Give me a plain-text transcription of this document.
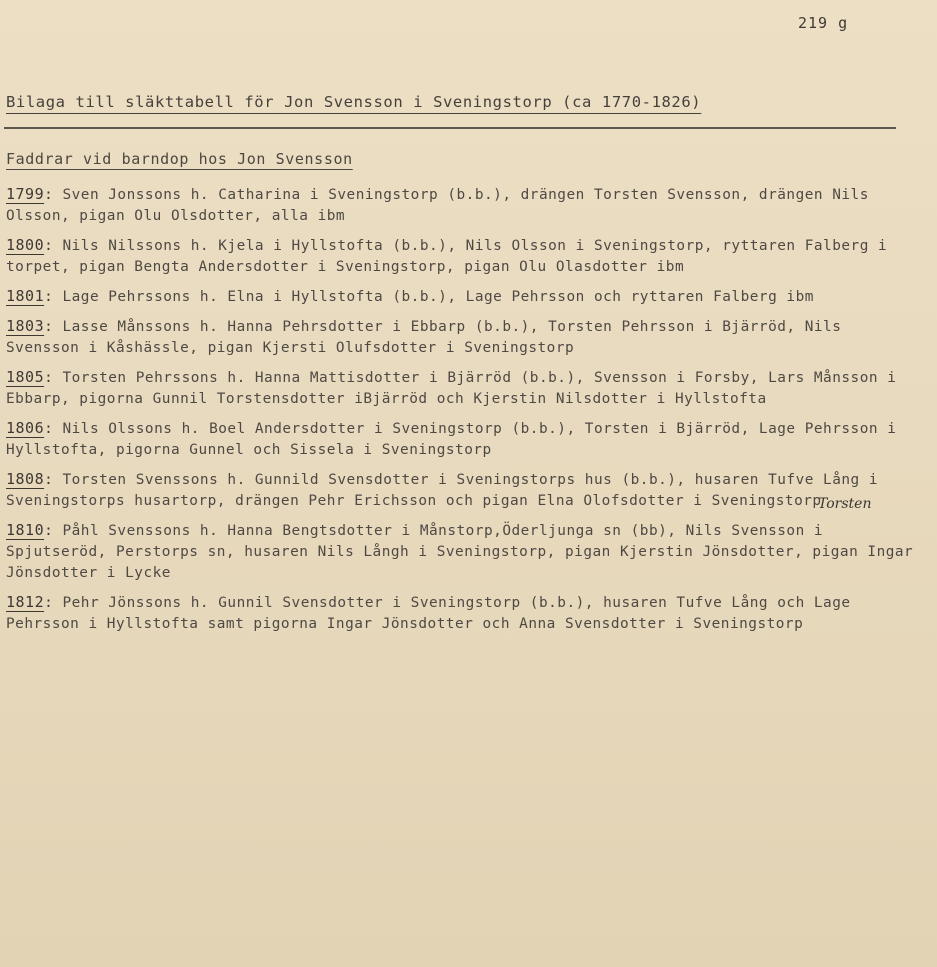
219 g
Bilaga till släkttabell för Jon Svensson i Sveningstorp (ca 1770-1826)
Faddrar vid barndop hos Jon Svensson
Torsten

1799: Sven Jonssons h. Catharina i Sveningstorp (b.b.), drängen Torsten Svensson, drängen Nils Olsson, pigan Olu Olsdotter, alla ibm

1800: Nils Nilssons h. Kjela i Hyllstofta (b.b.), Nils Olsson i Sveningstorp, ryttaren Falberg i torpet, pigan Bengta Andersdotter i Sveningstorp, pigan Olu Olasdotter ibm

1801: Lage Pehrssons h. Elna i Hyllstofta (b.b.), Lage Pehrsson och ryttaren Falberg ibm

1803: Lasse Månssons h. Hanna Pehrsdotter i Ebbarp (b.b.), Torsten Pehrsson i Bjärröd, Nils Svensson i Kåshässle, pigan Kjersti Olufsdotter i Sveningstorp

1805: Torsten Pehrssons h. Hanna Mattisdotter i Bjärröd (b.b.), Svensson i Forsby, Lars Månsson i Ebbarp, pigorna Gunnil Torstensdotter iBjärröd och Kjerstin Nilsdotter i Hyllstofta

1806: Nils Olssons h. Boel Andersdotter i Sveningstorp (b.b.), Torsten i Bjärröd, Lage Pehrsson i Hyllstofta, pigorna Gunnel och Sissela i Sveningstorp

1808: Torsten Svenssons h. Gunnild Svensdotter i Sveningstorps hus (b.b.), husaren Tufve Lång i Sveningstorps husartorp, drängen Pehr Erichsson och pigan Elna Olofsdotter i Sveningstorp

1810: Påhl Svenssons h. Hanna Bengtsdotter i Månstorp,Öderljunga sn (bb), Nils Svensson i Spjutseröd, Perstorps sn, husaren Nils Långh i Sveningstorp, pigan Kjerstin Jönsdotter, pigan Ingar Jönsdotter i Lycke

1812: Pehr Jönssons h. Gunnil Svensdotter i Sveningstorp (b.b.), husaren Tufve Lång och Lage Pehrsson i Hyllstofta samt pigorna Ingar Jönsdotter och Anna Svensdotter i Sveningstorp
